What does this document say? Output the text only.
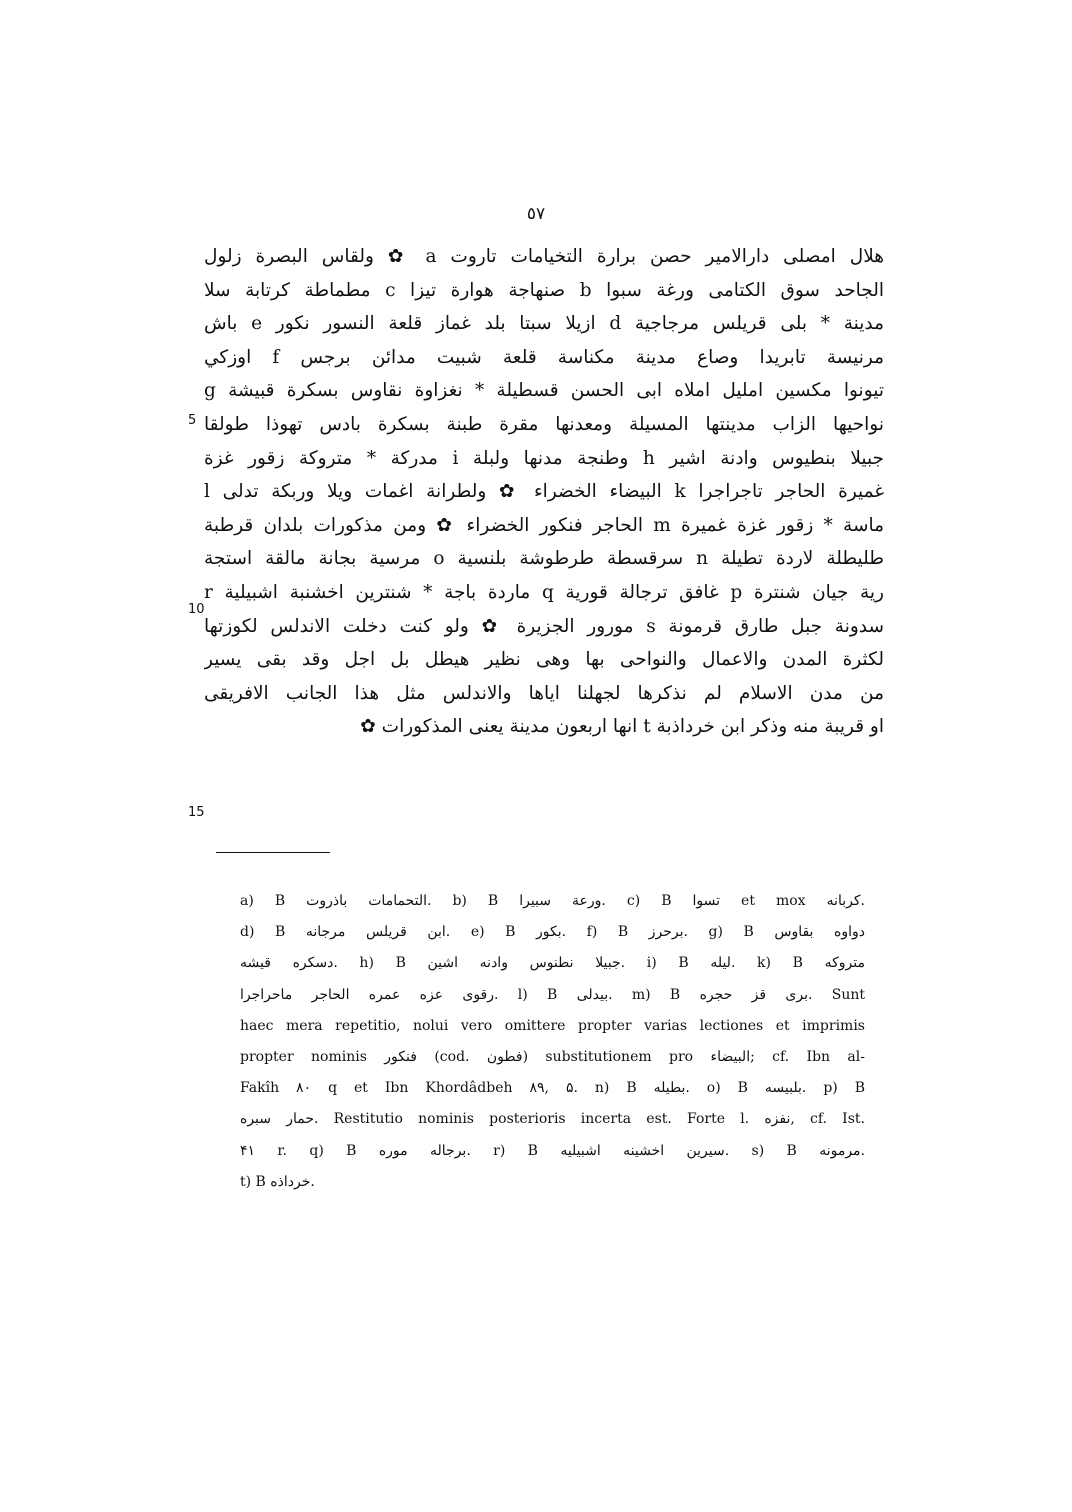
٥٧
هلال امصلى دارالامير حصن برارة التخيامات تاروت a ✿ ولقاس البصرة زلول
الجاحد سوق الكتامى ورغة سبوا b صنهاجة هوارة تيزا c مطماطة كرتابة سلا
مدينة * بلى قريلس مرجاجية d ازيلا سبتا بلد غماز قلعة النسور نكور e باش
مرنيسة تابريدا وصاع مدينة مكناسة قلعة شبيت مدائن برجس f اوزكي
تيونوا مكسين امليل املاه ابى الحسن قسطيلة * نغزاوة نقاوس بسكرة قبيشة g
نواحيها الزاب مدينتها المسيلة ومعدنها مقرة طبنة بسكرة بادس تهوذا طولقا
جبيلا بنطيوس وادنة اشير h وطنجة مدنها ولبلة i مدركة * متروكة زقور غزة
غميرة الحاجر تاجراجرا k البيضاء الخضراء ✿ ولطرانة اغمات ويلا وربكة تدلى l
ماسة * زقور غزة غميرة m الحاجر فنكور الخضراء ✿ ومن مذكورات بلدان قرطبة
طليطلة لاردة تطيلة n سرقسطة طرطوشة بلنسية o مرسية بجانة مالقة استجة
رية جيان شنترة p غافق ترجالة قورية q ماردة باجة * شنترين اخشنبة اشبيلية r
سدونة جبل طارق قرمونة s مورور الجزيرة ✿ ولو كنت دخلت الاندلس لكوزتها
لكثرة المدن والاعمال والنواحى بها وهى نظير هيطل بل اجل وقد بقى يسير
من مدن الاسلام لم نذكرها لجهلنا اياها والاندلس مثل هذا الجانب الافريقى
او قريبة منه وذكر ابن خرداذبة t انها اربعون مدينة يعنى المذكورات ✿
5
10
15
a) B التحمامات باذروت. b) B ورعة سبيرا. c) B تسوا et mox كربانه.
d) B ابن قريلس مرجانه. e) B بكور. f) B برحرز. g) B دواوه بقاوس
دسكره قيشه. h) B جبيلا نطنوس وادنه اشين. i) B ليله. k) B متروكه
رقوى عزه عمره الحاجر ماحراجرا. l) B بيدلى. m) B برى قز حجره. Sunt
haec mera repetitio, nolui vero omittere propter varias lectiones et imprimis
propter nominis فنكور (cod. فطون) substitutionem pro البيضاء; cf. Ibn al-
Fakîh ۸۰ q et Ibn Khordâdbeh ۸۹, ۵. n) B بطيله. o) B بلبيسه. p) B
حمار سبره. Restitutio nominis posterioris incerta est. Forte l. نفزه, cf. Ist.
۴۱ r. q) B برجاله موره. r) B سيرين اخشينه اشبيليه. s) B مرمونه.
t) B خرداذه.
